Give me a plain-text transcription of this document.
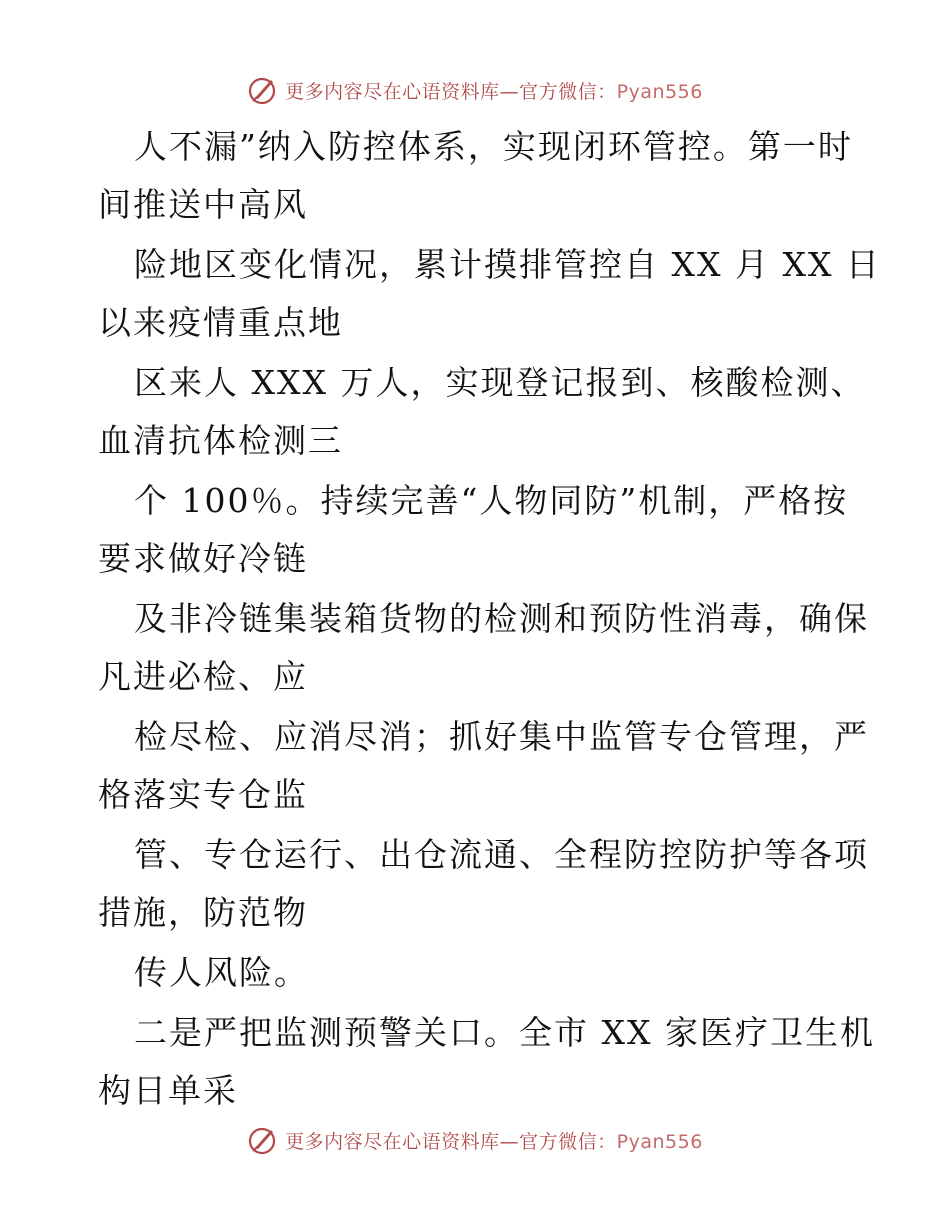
更多内容尽在心语资料库—官方微信：Pyan556
人不漏”纳入防控体系，实现闭环管控。第一时
间推送中高风
险地区变化情况，累计摸排管控自 XX 月 XX 日
以来疫情重点地
区来人 XXX 万人，实现登记报到、核酸检测、
血清抗体检测三
个 100％。持续完善“人物同防”机制，严格按
要求做好冷链
及非冷链集装箱货物的检测和预防性消毒，确保
凡进必检、应
检尽检、应消尽消；抓好集中监管专仓管理，严
格落实专仓监
管、专仓运行、出仓流通、全程防控防护等各项
措施，防范物
传人风险。
二是严把监测预警关口。全市 XX 家医疗卫生机
构日单采
更多内容尽在心语资料库—官方微信：Pyan556
